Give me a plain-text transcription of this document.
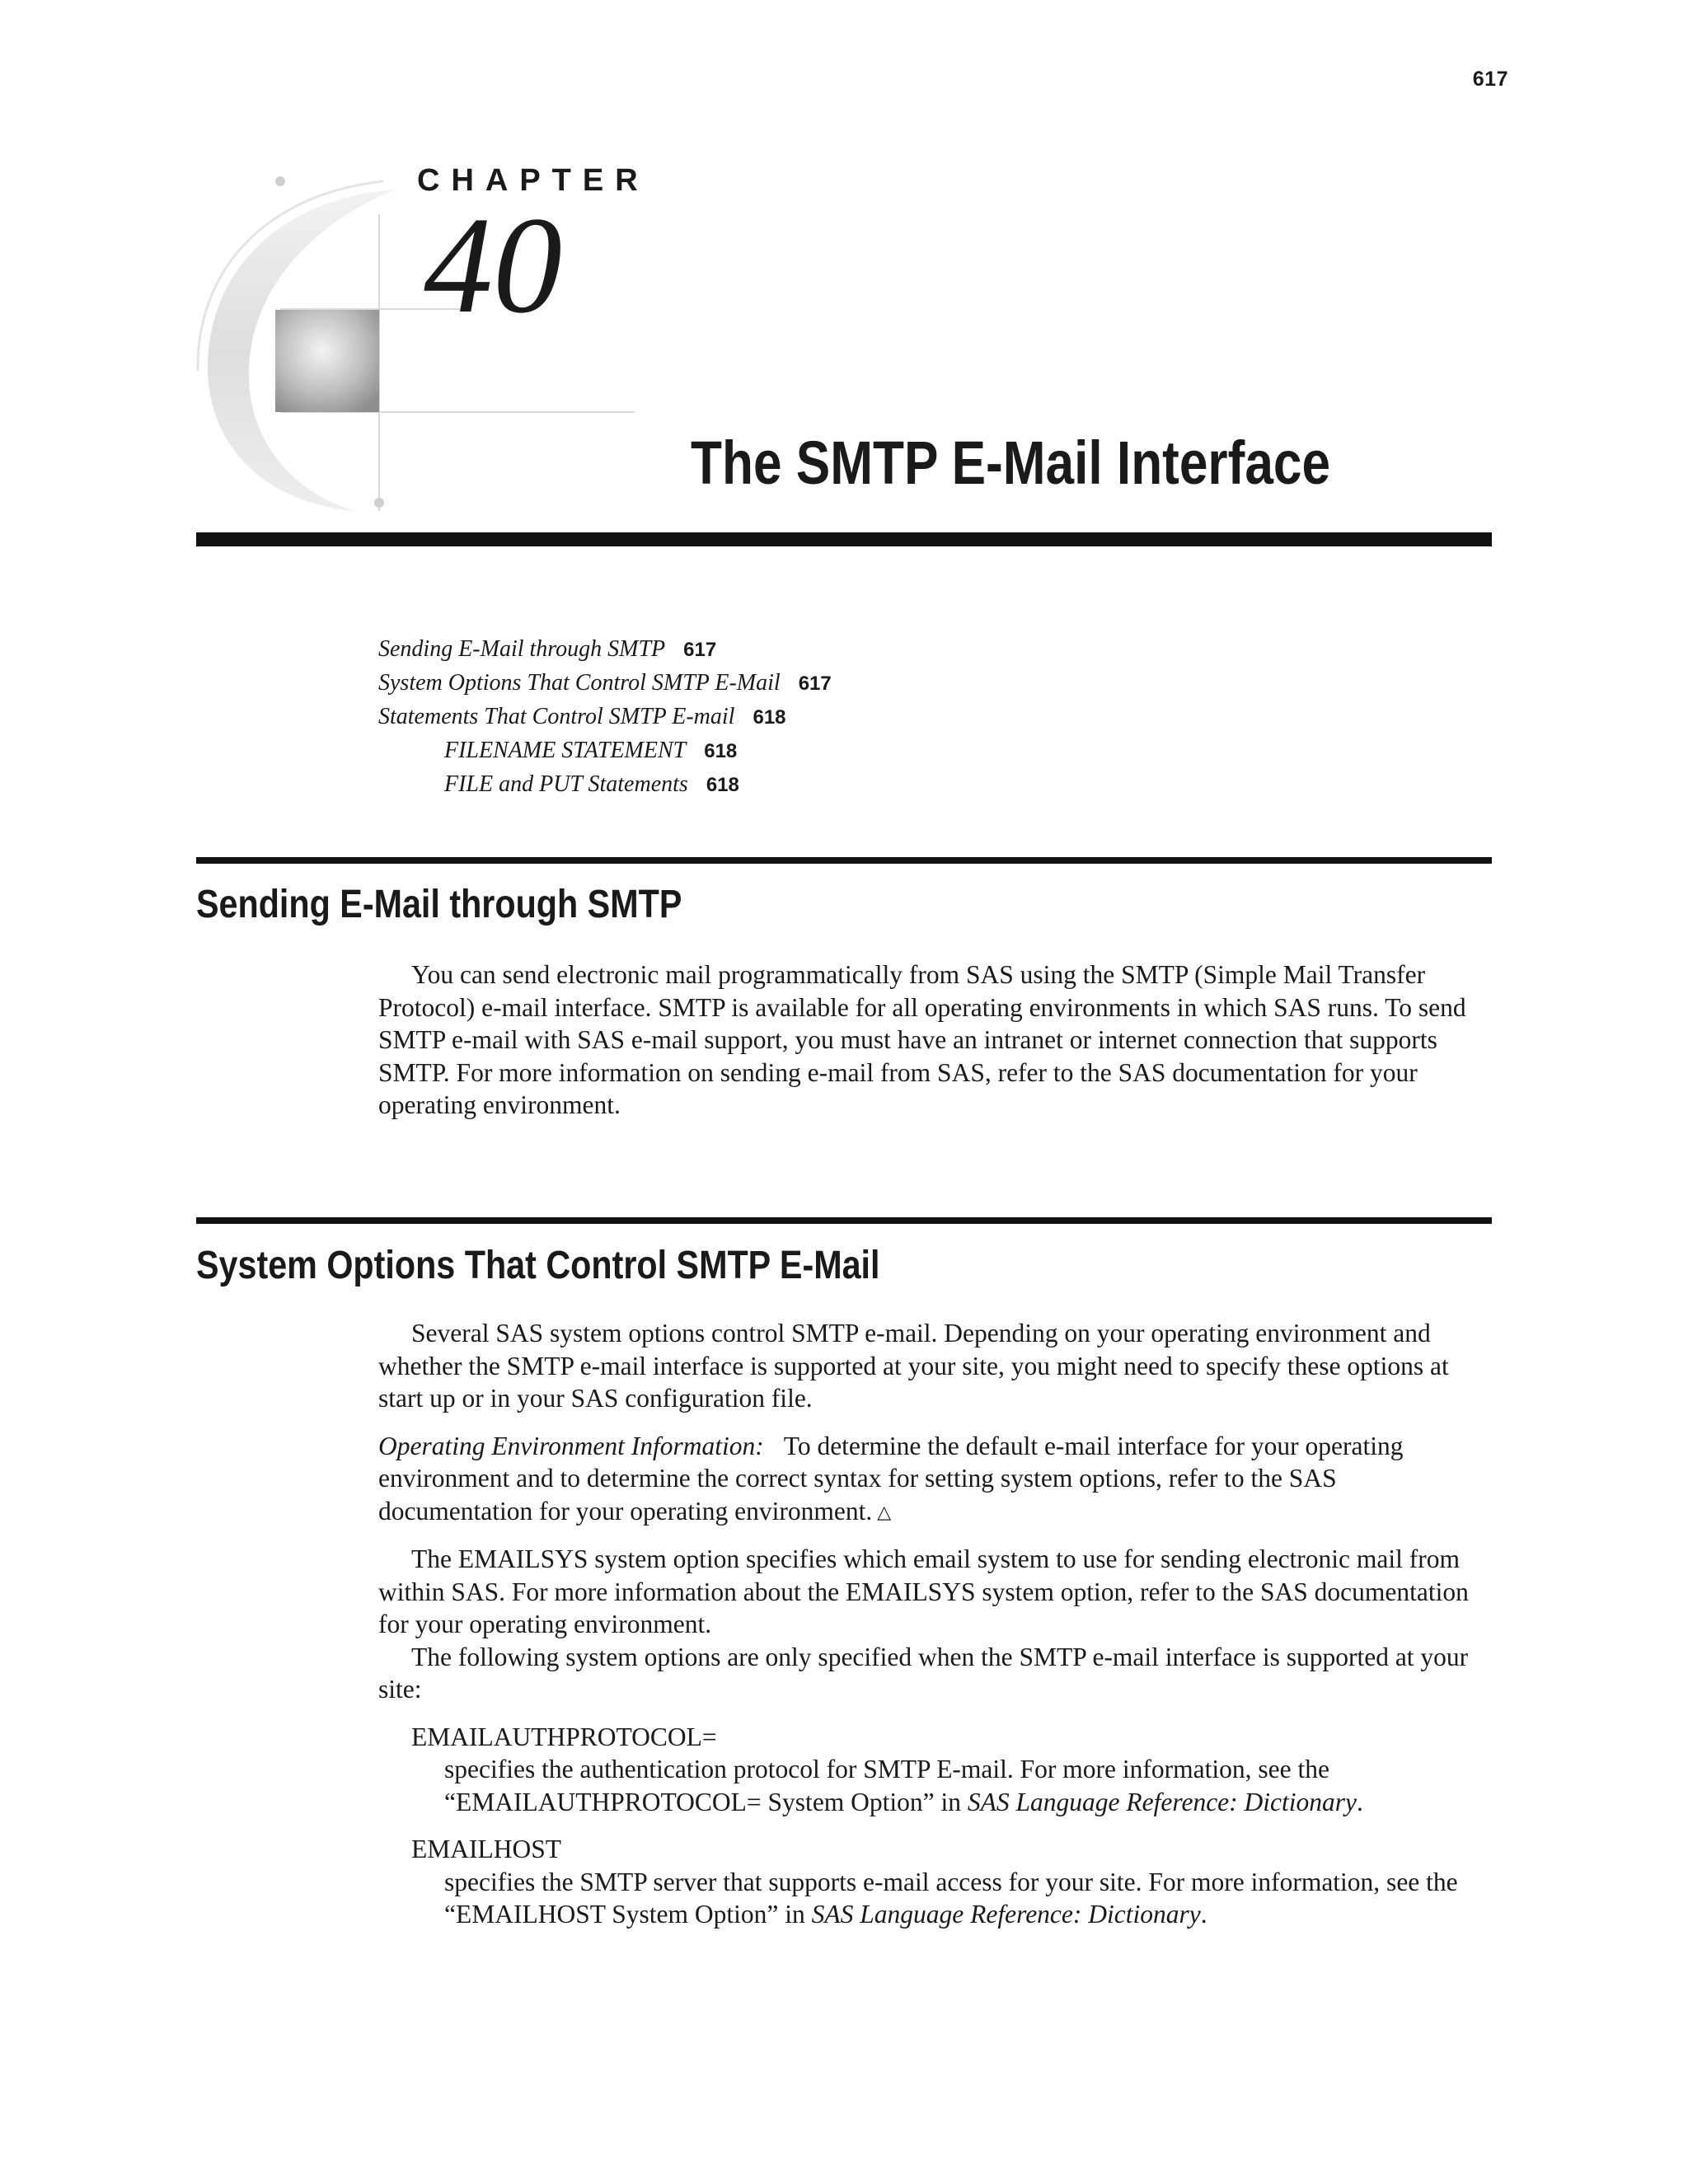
617
CHAPTER
40
The SMTP E-Mail Interface
Sending E-Mail through SMTP 617
System Options That Control SMTP E-Mail 617
Statements That Control SMTP E-mail 618
FILENAME STATEMENT 618
FILE and PUT Statements 618
Sending E-Mail through SMTP

You can send electronic mail programmatically from SAS using the SMTP (Simple Mail Transfer Protocol) e-mail interface. SMTP is available for all operating environments in which SAS runs. To send SMTP e-mail with SAS e-mail support, you must have an intranet or internet connection that supports SMTP. For more information on sending e-mail from SAS, refer to the SAS documentation for your operating environment.

System Options That Control SMTP E-Mail

Several SAS system options control SMTP e-mail. Depending on your operating environment and whether the SMTP e-mail interface is supported at your site, you might need to specify these options at start up or in your SAS configuration file.

Operating Environment Information: To determine the default e-mail interface for your operating environment and to determine the correct syntax for setting system options, refer to the SAS documentation for your operating environment. △

The EMAILSYS system option specifies which email system to use for sending electronic mail from within SAS. For more information about the EMAILSYS system option, refer to the SAS documentation for your operating environment.

The following system options are only specified when the SMTP e-mail interface is supported at your site:

EMAILAUTHPROTOCOL=
specifies the authentication protocol for SMTP E-mail. For more information, see the “EMAILAUTHPROTOCOL= System Option” in SAS Language Reference: Dictionary.
EMAILHOST
specifies the SMTP server that supports e-mail access for your site. For more information, see the “EMAILHOST System Option” in SAS Language Reference: Dictionary.
